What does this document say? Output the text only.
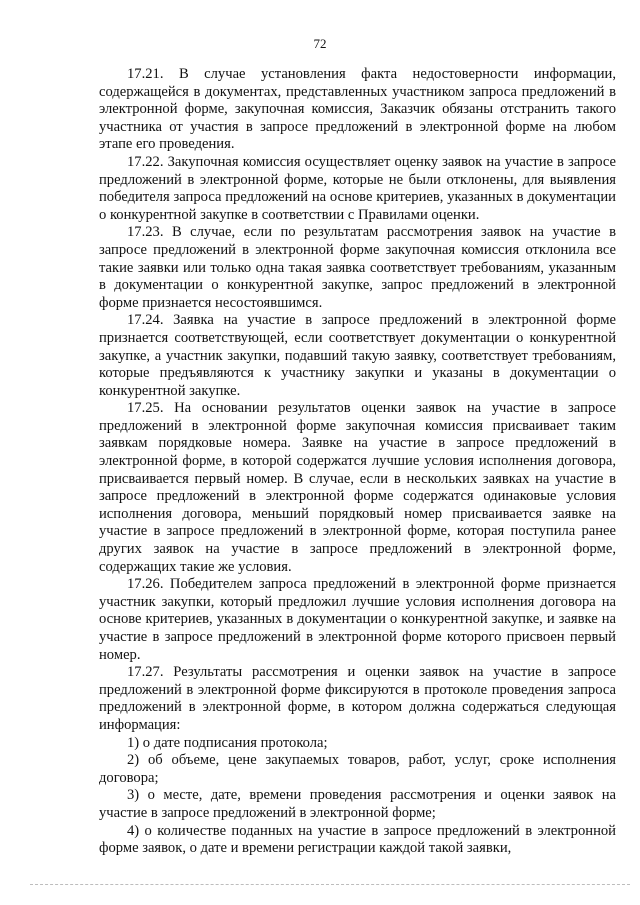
72

17.21. В случае установления факта недостоверности информации, содержащейся в документах, представленных участником запроса предложений в электронной форме, закупочная комиссия, Заказчик обязаны отстранить такого участника от участия в запросе предложений в электронной форме на любом этапе его проведения.

17.22. Закупочная комиссия осуществляет оценку заявок на участие в запросе предложений в электронной форме, которые не были отклонены, для выявления победителя запроса предложений на основе критериев, указанных в документации о конкурентной закупке в соответствии с Правилами оценки.

17.23. В случае, если по результатам рассмотрения заявок на участие в запросе предложений в электронной форме закупочная комиссия отклонила все такие заявки или только одна такая заявка соответствует требованиям, указанным в документации о конкурентной закупке, запрос предложений в электронной форме признается несостоявшимся.

17.24. Заявка на участие в запросе предложений в электронной форме признается соответствующей, если соответствует документации о конкурентной закупке, а участник закупки, подавший такую заявку, соответствует требованиям, которые предъявляются к участнику закупки и указаны в документации о конкурентной закупке.

17.25. На основании результатов оценки заявок на участие в запросе предложений в электронной форме закупочная комиссия присваивает таким заявкам порядковые номера. Заявке на участие в запросе предложений в электронной форме, в которой содержатся лучшие условия исполнения договора, присваивается первый номер. В случае, если в нескольких заявках на участие в запросе предложений в электронной форме содержатся одинаковые условия исполнения договора, меньший порядковый номер присваивается заявке на участие в запросе предложений в электронной форме, которая поступила ранее других заявок на участие в запросе предложений в электронной форме, содержащих такие же условия.

17.26. Победителем запроса предложений в электронной форме признается участник закупки, который предложил лучшие условия исполнения договора на основе критериев, указанных в документации о конкурентной закупке, и заявке на участие в запросе предложений в электронной форме которого присвоен первый номер.

17.27. Результаты рассмотрения и оценки заявок на участие в запросе предложений в электронной форме фиксируются в протоколе проведения запроса предложений в электронной форме, в котором должна содержаться следующая информация:

1) о дате подписания протокола;

2) об объеме, цене закупаемых товаров, работ, услуг, сроке исполнения договора;

3) о месте, дате, времени проведения рассмотрения и оценки заявок на участие в запросе предложений в электронной форме;

4) о количестве поданных на участие в запросе предложений в электронной форме заявок, о дате и времени регистрации каждой такой заявки,
